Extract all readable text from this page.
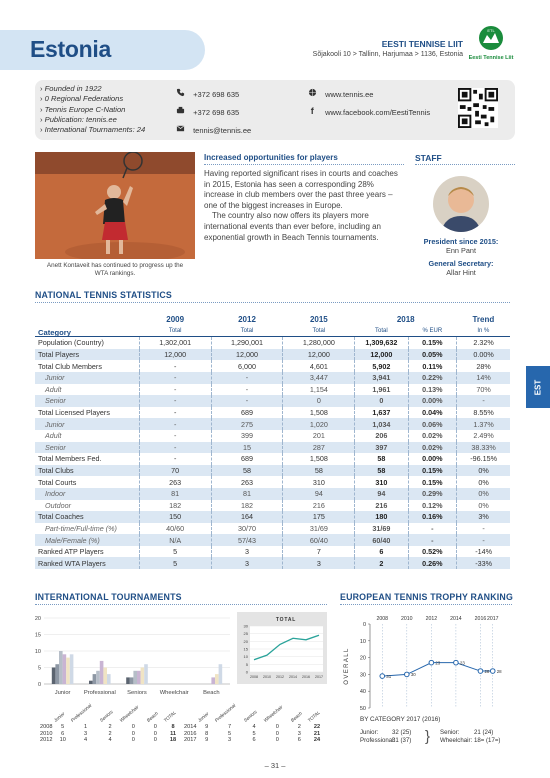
Estonia	EESTI TENNISE LIIT
Sõjakooli 10 > Tallinn, Harjumaa > 1136, Estonia
ETL
Eesti Tennise Liit
› Founded in 1922
› 0 Regional Federations
› Tennis Europe C-Nation
› Publication: tennis.ee
› International Tournaments: 24
+372 698 635
+372 698 635
tennis@tennis.ee
www.tennis.ee
f www.facebook.com/EestiTennis
Anett Kontaveit has continued to progress up the WTA rankings.
Increased opportunities for players

Having reported significant rises in courts and coaches in 2015, Estonia has seen a corresponding 28% increase in club members over the past three years – one of the biggest increases in Europe.

The country also now offers its players more international events than ever before, including an exponential growth in Beach Tennis tournaments.

STAFF
President since 2015:
Enn Pant
General Secretary:
Allar Hint
NATIONAL TENNIS STATISTICS
Category	2009	2012	2015	2018		Trend
	Total	Total	Total	Total	% EUR	In %
Population (Country)	1,302,001	1,290,001	1,280,000	1,309,632	0.15%	2.32%
Total Players	12,000	12,000	12,000	12,000	0.05%	0.00%
Total Club Members	-	6,000	4,601	5,902	0.11%	28%
Junior	-	-	3,447	3,941	0.22%	14%
Adult	-	-	1,154	1,961	0.13%	70%
Senior	-	-	0	0	0.00%	-
Total Licensed Players	-	689	1,508	1,637	0.04%	8.55%
Junior	-	275	1,020	1,034	0.06%	1.37%
Adult	-	399	201	206	0.02%	2.49%
Senior	-	15	287	397	0.02%	38.33%
Total Members Fed.	-	689	1,508	58	0.00%	-96.15%
Total Clubs	70	58	58	58	0.15%	0%
Total Courts	263	263	310	310	0.15%	0%
Indoor	81	81	94	94	0.29%	0%
Outdoor	182	182	216	216	0.12%	0%
Total Coaches	150	164	175	180	0.16%	3%
Part-time/Full-time (%)	40/60	30/70	31/69	31/69	-	-
Male/Female (%)	N/A	57/43	60/40	60/40	-	-
Ranked ATP Players	5	3	7	6	0.52%	-14%
Ranked WTA Players	5	3	3	2	0.26%	-33%
EST
INTERNATIONAL TOURNAMENTS
0
5
10
15
20
Junior Professional Seniors Wheelchair Beach
TOTAL
0
5
10
15
20
25
30
2008 2010 2012 2014 2016 2017
	Junior	Professional	Seniors	Wheelchair	Beach	TOTAL
2008	5	1	2	0	0	8
2010	6	3	2	0	0	11
2012	10	4	4	0	0	18
	Junior	Professional	Seniors	Wheelchair	Beach	TOTAL
2014	9	7	4	0	2	22
2016	8	5	5	0	3	21
2017	9	3	6	0	6	24
EUROPEAN TENNIS TROPHY RANKING
2008 2010 2012 2014 2016 2017
0
10
20
30
40
50
OVERALL	31	30
23	23
28 28
BY CATEGORY 2017 (2016)
Junior: 32 (25)
Professional:31 (37) } Senior: 21 (24)
Wheelchair: 18= (17=)
– 31 –
